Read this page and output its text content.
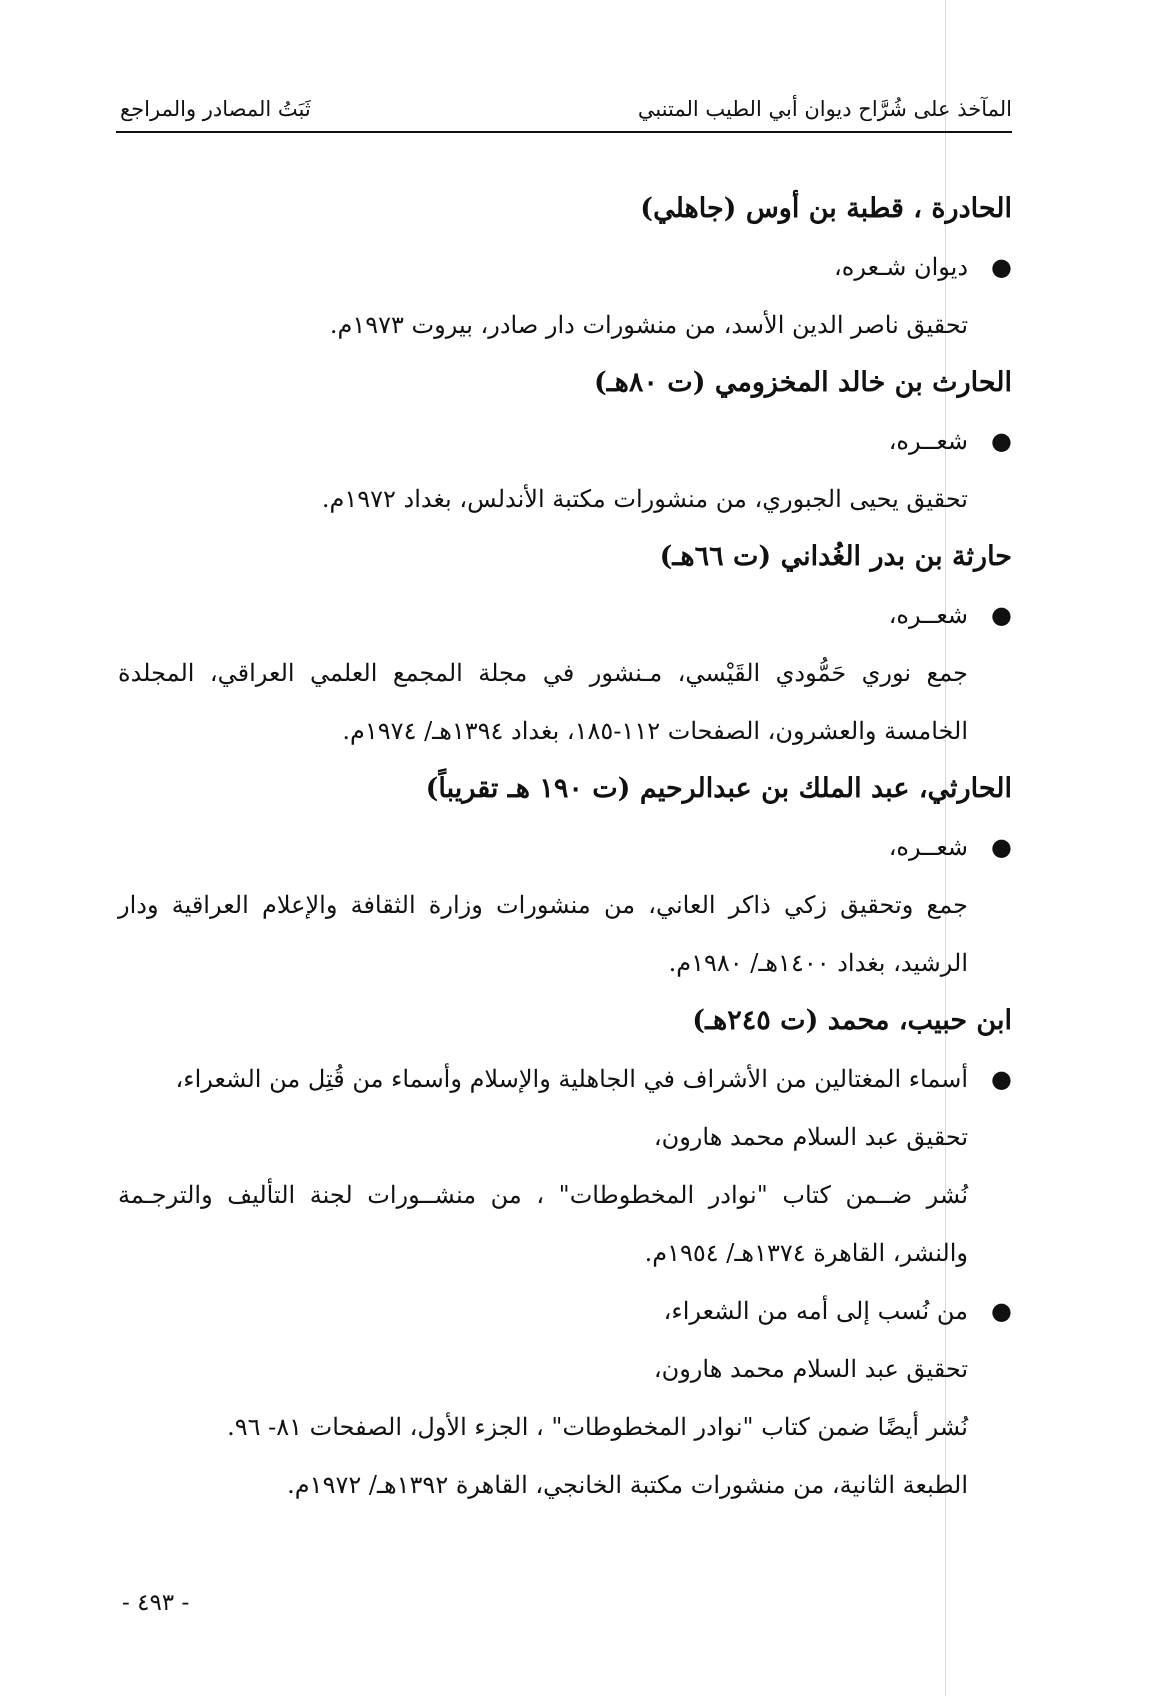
المآخذ على شُرَّاح ديوان أبي الطيب المتنبي
ثَبَتُ المصادر والمراجع

الحادرة ، قطبة بن أوس (جاهلي)

●
ديوان شـعره،

تحقيق ناصر الدين الأسد، من منشورات دار صادر، بيروت ١٩٧٣م.

الحارث بن خالد المخزومي (ت ٨٠هـ)

●
شعــره،

تحقيق يحيى الجبوري، من منشورات مكتبة الأندلس، بغداد ١٩٧٢م.

حارثة بن بدر الغُداني (ت ٦٦هـ)

●
شعــره،

جمع نوري حَمُّودي القَيْسي، مـنشور في مجلة المجمع العلمي العراقي، المجلدة

الخامسة والعشرون، الصفحات ١١٢-١٨٥، بغداد ١٣٩٤هـ/ ١٩٧٤م.

الحارثي، عبد الملك بن عبدالرحيم (ت ١٩٠ هـ تقريباً)

●
شعــره،

جمع وتحقيق زكي ذاكر العاني، من منشورات وزارة الثقافة والإعلام العراقية ودار

الرشيد، بغداد ١٤٠٠هـ/ ١٩٨٠م.

ابن حبيب، محمد (ت ٢٤٥هـ)

●
أسماء المغتالين من الأشراف في الجاهلية والإسلام وأسماء من قُتِل من الشعراء،

تحقيق عبد السلام محمد هارون،

نُشر ضــمن كتاب "نوادر المخطوطات" ، من منشــورات لجنة التأليف والترجـمة

والنشر، القاهرة ١٣٧٤هـ/ ١٩٥٤م.

●
من نُسب إلى أمه من الشعراء،

تحقيق عبد السلام محمد هارون،

نُشر أيضًا ضمن كتاب "نوادر المخطوطات" ، الجزء الأول، الصفحات ٨١- ٩٦.

الطبعة الثانية، من منشورات مكتبة الخانجي، القاهرة ١٣٩٢هـ/ ١٩٧٢م.

- ٤٩٣ -
